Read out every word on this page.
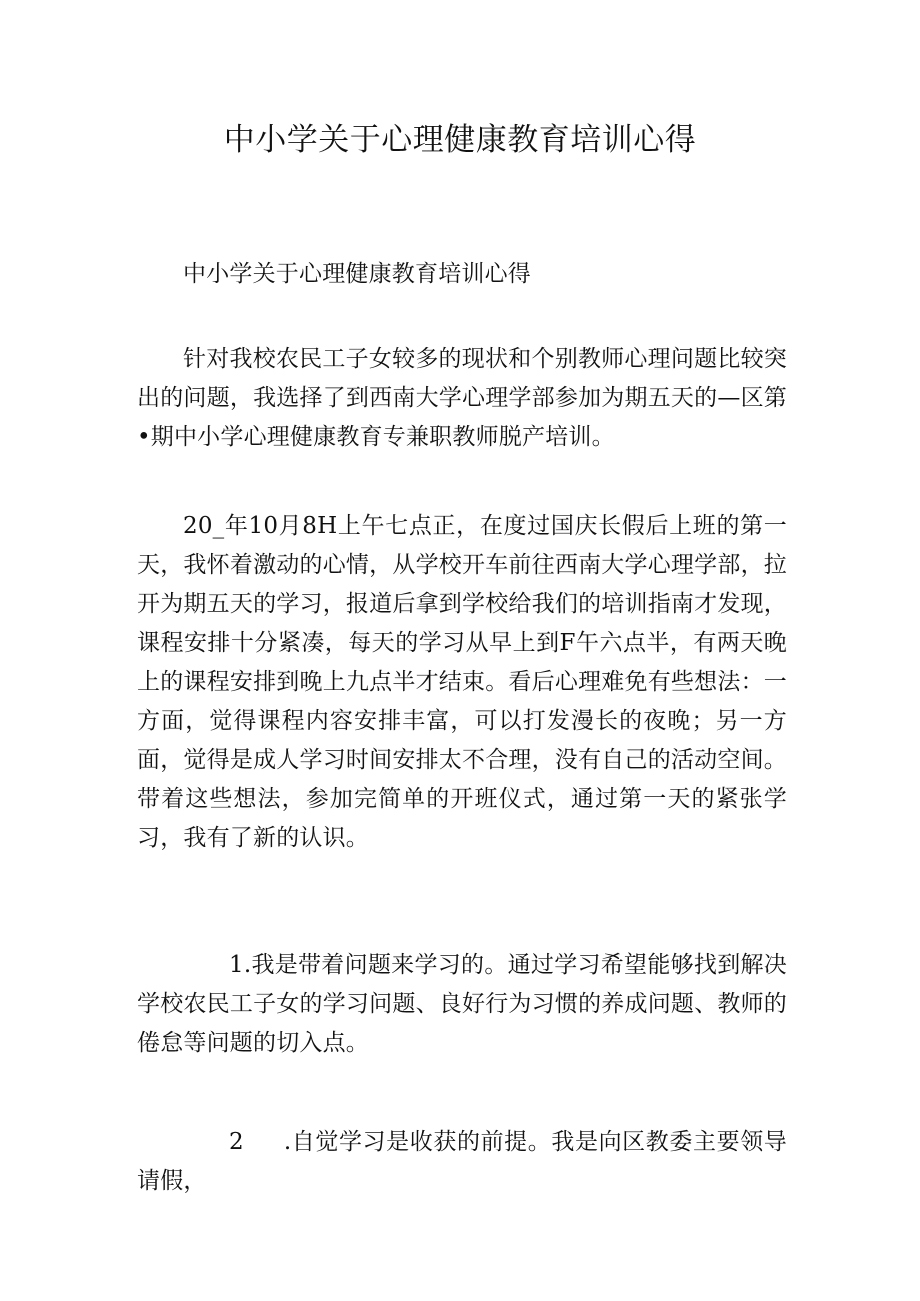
中小学关于心理健康教育培训心得
中小学关于心理健康教育培训心得
针对我校农民工子女较多的现状和个别教师心理问题比较突出的问题，我选择了到西南大学心理学部参加为期五天的—区第•期中小学心理健康教育专兼职教师脱产培训。
20_年10月8H上午七点正，在度过国庆长假后上班的第一天，我怀着激动的心情，从学校开车前往西南大学心理学部，拉开为期五天的学习，报道后拿到学校给我们的培训指南才发现，课程安排十分紧凑，每天的学习从早上到F午六点半，有两天晚上的课程安排到晚上九点半才结束。看后心理难免有些想法：一方面，觉得课程内容安排丰富，可以打发漫长的夜晚；另一方面，觉得是成人学习时间安排太不合理，没有自己的活动空间。带着这些想法，参加完简单的开班仪式，通过第一天的紧张学习，我有了新的认识。
1.我是带着问题来学习的。通过学习希望能够找到解决学校农民工子女的学习问题、良好行为习惯的养成问题、教师的倦怠等问题的切入点。
2 .自觉学习是收获的前提。我是向区教委主要领导请假，
